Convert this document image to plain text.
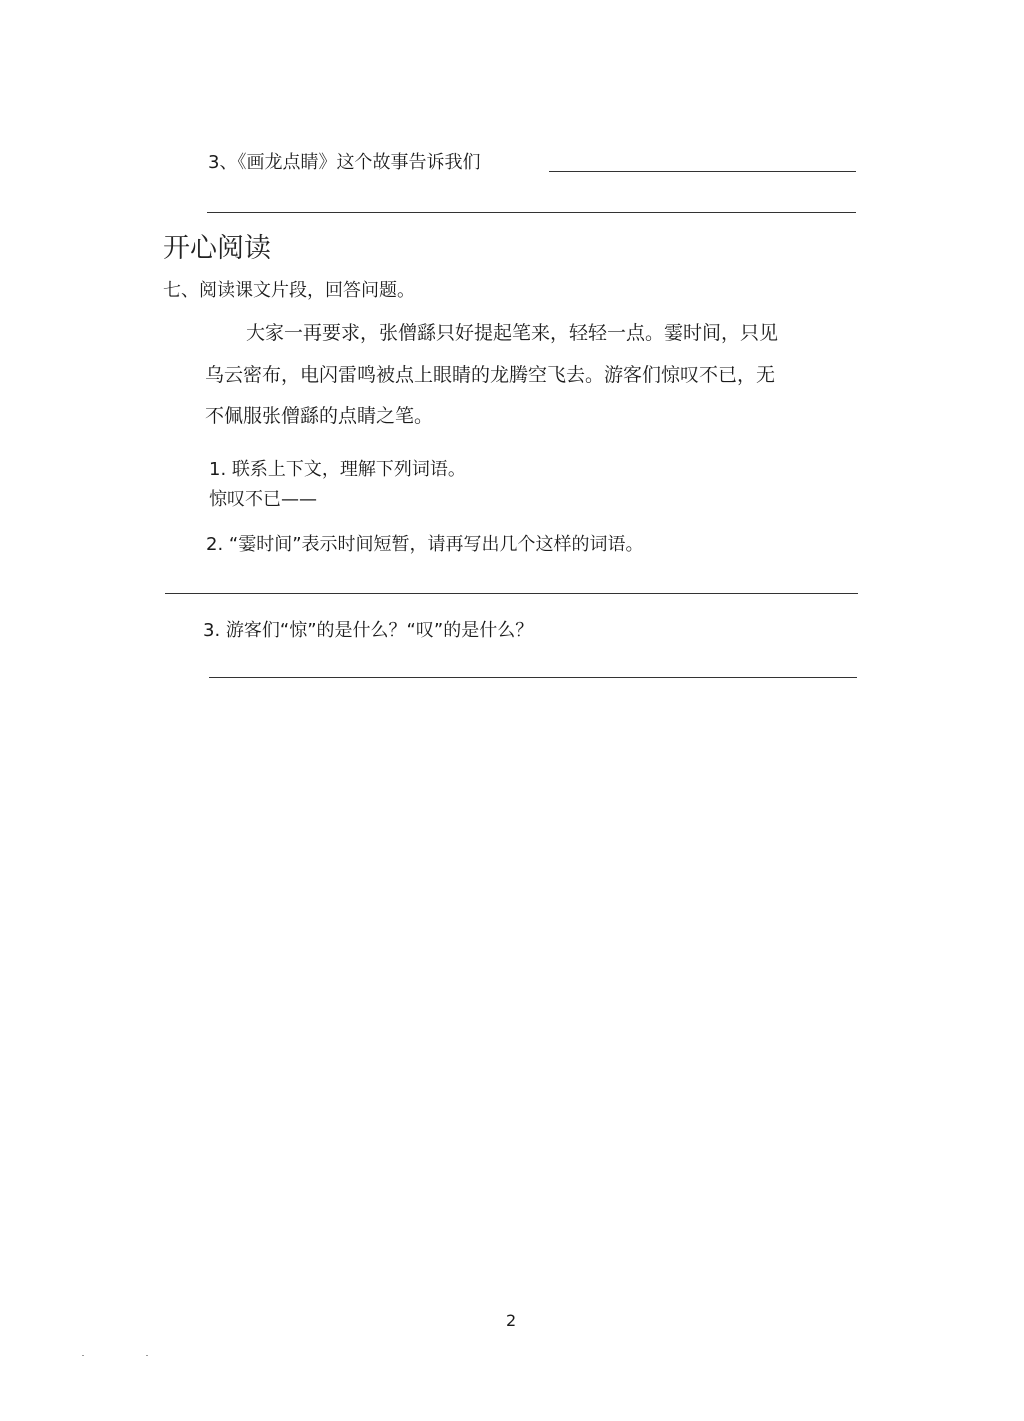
3、《画龙点睛》这个故事告诉我们
开心阅读
七、阅读课文片段，回答问题。
大家一再要求，张僧繇只好提起笔来，轻轻一点。霎时间，只见
乌云密布，电闪雷鸣被点上眼睛的龙腾空飞去。游客们惊叹不已，无
不佩服张僧繇的点睛之笔。
1. 联系上下文，理解下列词语。
惊叹不已——
2. “霎时间”表示时间短暂，请再写出几个这样的词语。
3. 游客们“惊”的是什么？“叹”的是什么？
2
